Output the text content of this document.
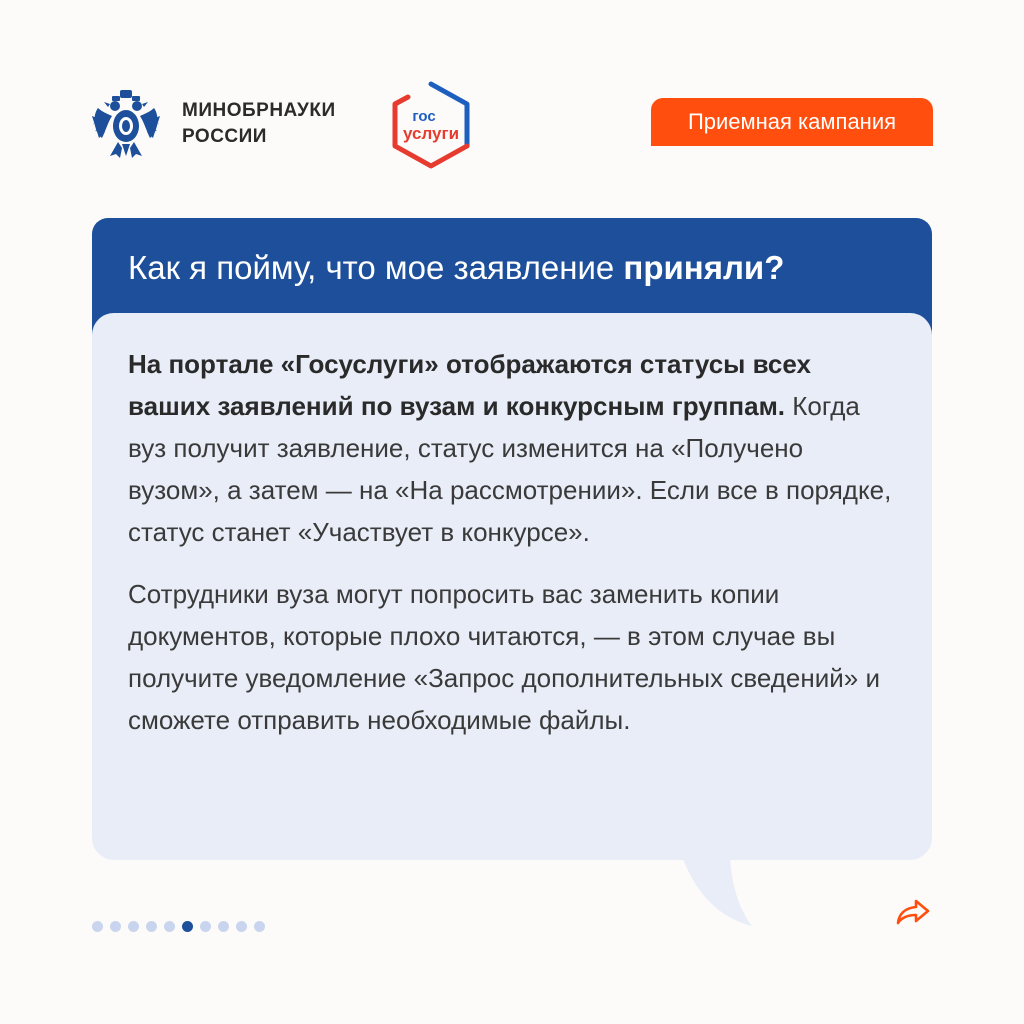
МИНОБРНАУКИ
РОССИИ
гос
услуги	Приемная кампания
Как я пойму, что мое заявление приняли?

На портале «Госуслуги» отображаются статусы всех ваших заявлений по вузам и конкурсным группам. Когда вуз получит заявление, статус изменится на «Получено вузом», а затем — на «На рассмотрении». Если все в порядке, статус станет «Участвует в конкурсе».

Сотрудники вуза могут попросить вас заменить копии документов, которые плохо читаются, — в этом случае вы получите уведомление «Запрос дополнительных сведений» и сможете отправить необходимые файлы.
